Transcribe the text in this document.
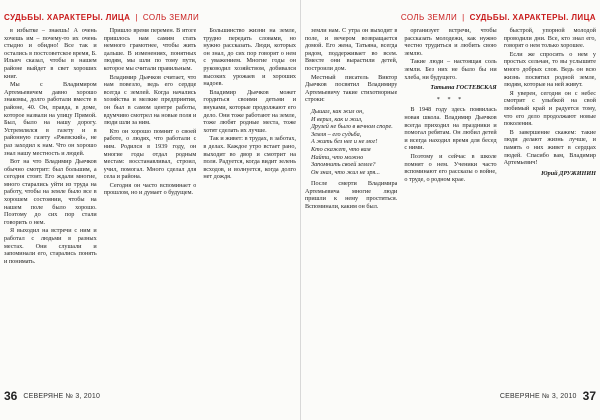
СУДЬБЫ. ХАРАКТЕРЫ. ЛИЦА | СОЛЬ ЗЕМЛИ

в избытке – знаешь! А очень хочешь им – почему-то их очень стыдно и обидно! Все так и остались в постсоветское время, Б. Ильич сказал, чтобы в нашем районе выйдет в свет хороших книг.

Мы с Владимиром Артемьевичем давно хорошо знакомы, долго работали вместе в районе, 40. Он, правда, в доме, которое назвали на улицу Прямой. Был, было на нашу дорогу. Устремлялся в газету и в районную газету «Ржевский», не раз заходил к нам. Что он хорошо знал нашу местность и людей.

Вот на что Владимир Дьячков обычно смотрит: был большим, а сегодня стоит. Его ждали многие, много старались уйти из труда на работу, чтобы на земле было все в хорошем состоянии, чтобы на нашем поле было хорошо. Поэтому до сих пор стали говорить о нем.

Я выходил на встречи с ним и работал с людьми в разных местах. Они слушали и запоминали его, старались понять и понимать.

Пришло время перемен. В итоге пришлось нам самим стать немного грамотнее, чтобы жить дальше. В изменениях, понятных людям, мы шли по тому пути, которое мы считали правильным.

Владимир Дьячков считает, что нам повезло, ведь его сердце всегда с землей. Когда начались хозяйства и мелкие предприятия, он был в самом центре работы, вдумчиво смотрел на новые поля и люди шли за ним.

Кто он хорошо помнит о своей работе, о людях, что работали с ним. Родился в 1939 году, он многие годы отдал родным местам: восстанавливал, строил, учил, помогал. Много сделал для села и района.

Сегодня он часто вспоминает о прошлом, но и думает о будущем.

Большинство жизни на земле, трудно передать словами, но нужно рассказать. Люди, которых он знал, до сих пор говорят о нем с уважением. Многие годы он руководил хозяйством, добивался высоких урожаев и хороших надоев.

Владимир Дьячков может гордиться своими детьми и внуками, которые продолжают его дело. Они тоже работают на земле, тоже любят родные места, тоже хотят сделать их лучше.

Так и живет: в трудах, в заботах, в делах. Каждое утро встает рано, выходит во двор и смотрит на поля. Радуется, когда видит зелень всходов, и волнуется, когда долго нет дождя.

36 СЕВЕРЯНЕ № 3, 2010
СОЛЬ ЗЕМЛИ | СУДЬБЫ. ХАРАКТЕРЫ. ЛИЦА

земли нам. С утра он выходит в поле, и вечером возвращается домой. Его жена, Татьяна, всегда рядом, поддерживает во всем. Вместе они вырастили детей, построили дом.

Местный писатель Виктор Дьячков посвятил Владимиру Артемьевичу такие стихотворные строки:

Дышал, как жил он,
И верил, как и жил,
Друзей не было в вечном споре.
Земля – его судьба,
А жить без нее и не мог!
Кто скажет, что вам
Найти, что можно
Запомнить своей земле?
Он знал, что жил не зря...

После смерти Владимира Артемьевича многие люди пришли к нему проститься. Вспоминали, каким он был.

организует встречи, чтобы рассказать молодежи, как нужно честно трудиться и любить свою землю.

Такие люди – настоящая соль земли. Без них не было бы ни хлеба, ни будущего.

Татьяна ГОСТЕВСКАЯ
* * *

В 1948 году здесь появилась новая школа. Владимир Дьячков всегда приходил на праздники и помогал ребятам. Он любил детей и всегда находил время для бесед с ними.

Поэтому и сейчас в школе помнят о нем. Ученики часто вспоминают его рассказы о войне, о труде, о родном крае.

быстрой, упорной молодой проводили дни. Все, кто знал его, говорят о нем только хорошее.

Если же спросить о нем у простых сельчан, то вы услышите много добрых слов. Ведь он всю жизнь посвятил родной земле, людям, которые на ней живут.

Я уверен, сегодня он с небес смотрит с улыбкой на свой любимый край и радуется тому, что его дело продолжают новые поколения.

В завершение скажем: такие люди делают жизнь лучше, и память о них живет в сердцах людей. Спасибо вам, Владимир Артемьевич!

Юрий ДРУЖИНИН
СЕВЕРЯНЕ № 3, 2010 37
